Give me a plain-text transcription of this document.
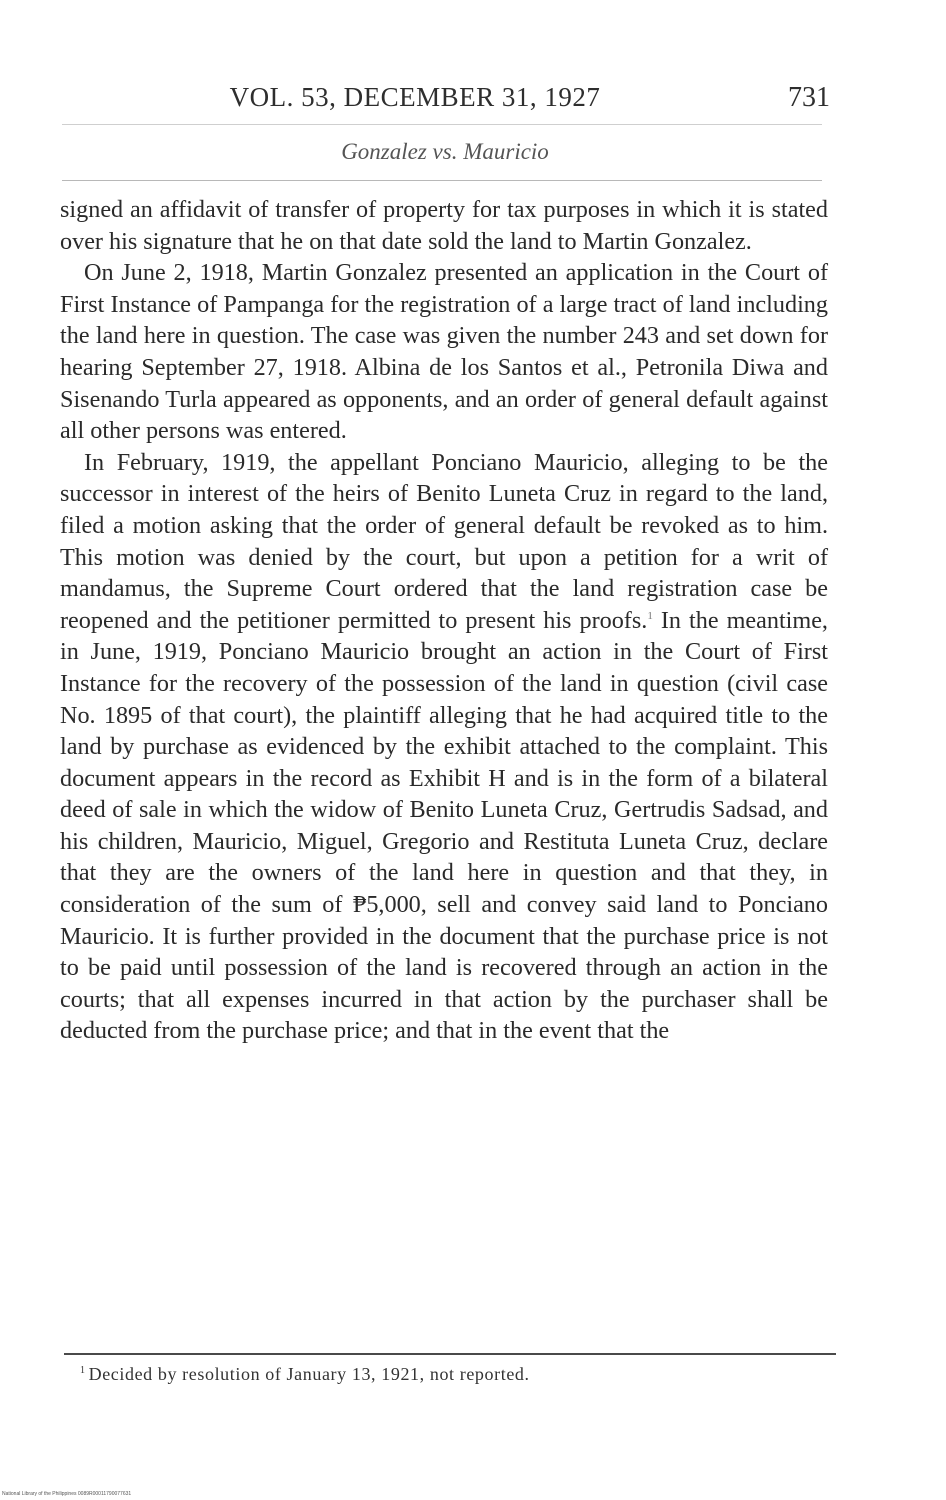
VOL. 53, DECEMBER 31, 1927	731
Gonzalez vs. Mauricio

signed an affidavit of transfer of property for tax purposes in which it is stated over his signature that he on that date sold the land to Martin Gonzalez.

On June 2, 1918, Martin Gonzalez presented an application in the Court of First Instance of Pampanga for the registration of a large tract of land including the land here in question. The case was given the number 243 and set down for hearing September 27, 1918. Albina de los Santos et al., Petronila Diwa and Sisenando Turla appeared as opponents, and an order of general default against all other persons was entered.

In February, 1919, the appellant Ponciano Mauricio, alleging to be the successor in interest of the heirs of Benito Luneta Cruz in regard to the land, filed a motion asking that the order of general default be revoked as to him. This motion was denied by the court, but upon a petition for a writ of mandamus, the Supreme Court ordered that the land registration case be reopened and the petitioner permitted to present his proofs.$^1$ In the meantime, in June, 1919, Ponciano Mauricio brought an action in the Court of First Instance for the recovery of the possession of the land in question (civil case No. 1895 of that court), the plaintiff alleging that he had acquired title to the land by purchase as evidenced by the exhibit attached to the complaint. This document appears in the record as Exhibit H and is in the form of a bilateral deed of sale in which the widow of Benito Luneta Cruz, Gertrudis Sadsad, and his children, Mauricio, Miguel, Gregorio and Restituta Luneta Cruz, declare that they are the owners of the land here in question and that they, in consideration of the sum of ₱5,000, sell and convey said land to Ponciano Mauricio. It is further provided in the document that the purchase price is not to be paid until possession of the land is recovered through an action in the courts; that all expenses incurred in that action by the purchaser shall be deducted from the purchase price; and that in the event that the

$^1$ Decided by resolution of January 13, 1921, not reported.
National Library of the Philippines 0089R00011790077631
